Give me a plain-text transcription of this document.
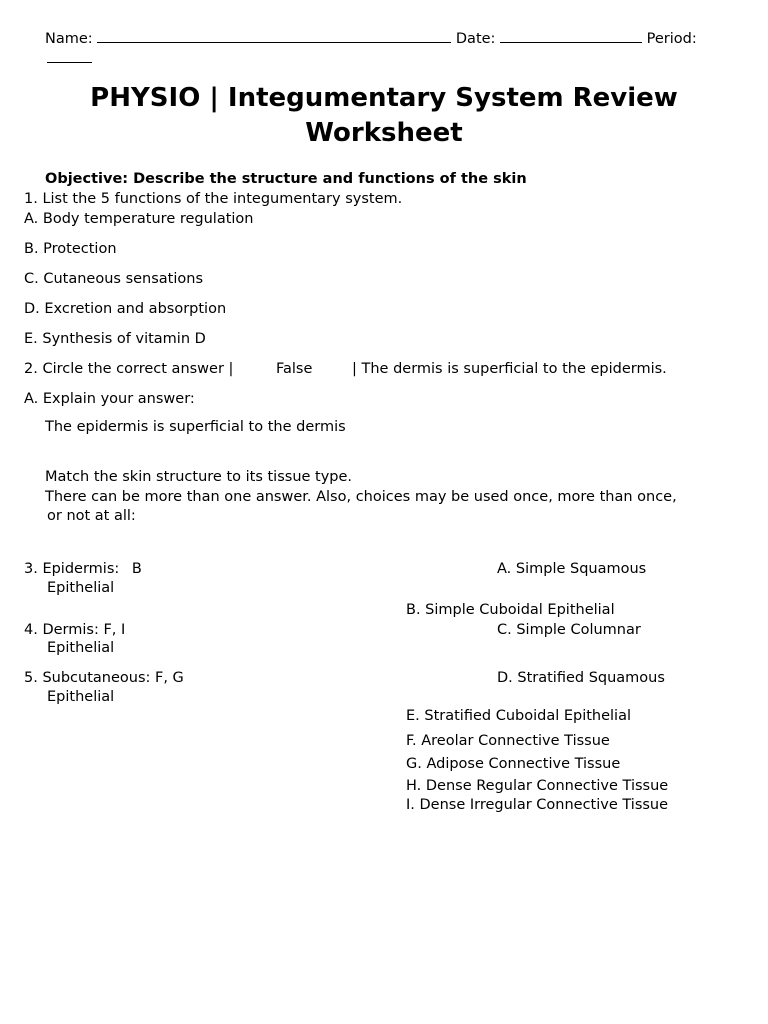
Name:	Date:	Period:
PHYSIO | Integumentary System Review
Worksheet
Objective: Describe the structure and functions of the skin
1. List the 5 functions of the integumentary system.
A. Body temperature regulation
B. Protection
C. Cutaneous sensations
D. Excretion and absorption
E. Synthesis of vitamin D
2. Circle the correct answer |	False	| The dermis is superficial to the epidermis.
A. Explain your answer:
The epidermis is superficial to the dermis
Match the skin structure to its tissue type.
There can be more than one answer. Also, choices may be used once, more than once,
or not at all:
3. Epidermis: B
Epithelial
4. Dermis: F, I
Epithelial
5. Subcutaneous: F, G
Epithelial
A. Simple Squamous
B. Simple Cuboidal Epithelial
C. Simple Columnar
D. Stratified Squamous
E. Stratified Cuboidal Epithelial
F. Areolar Connective Tissue
G. Adipose Connective Tissue
H. Dense Regular Connective Tissue
I. Dense Irregular Connective Tissue
